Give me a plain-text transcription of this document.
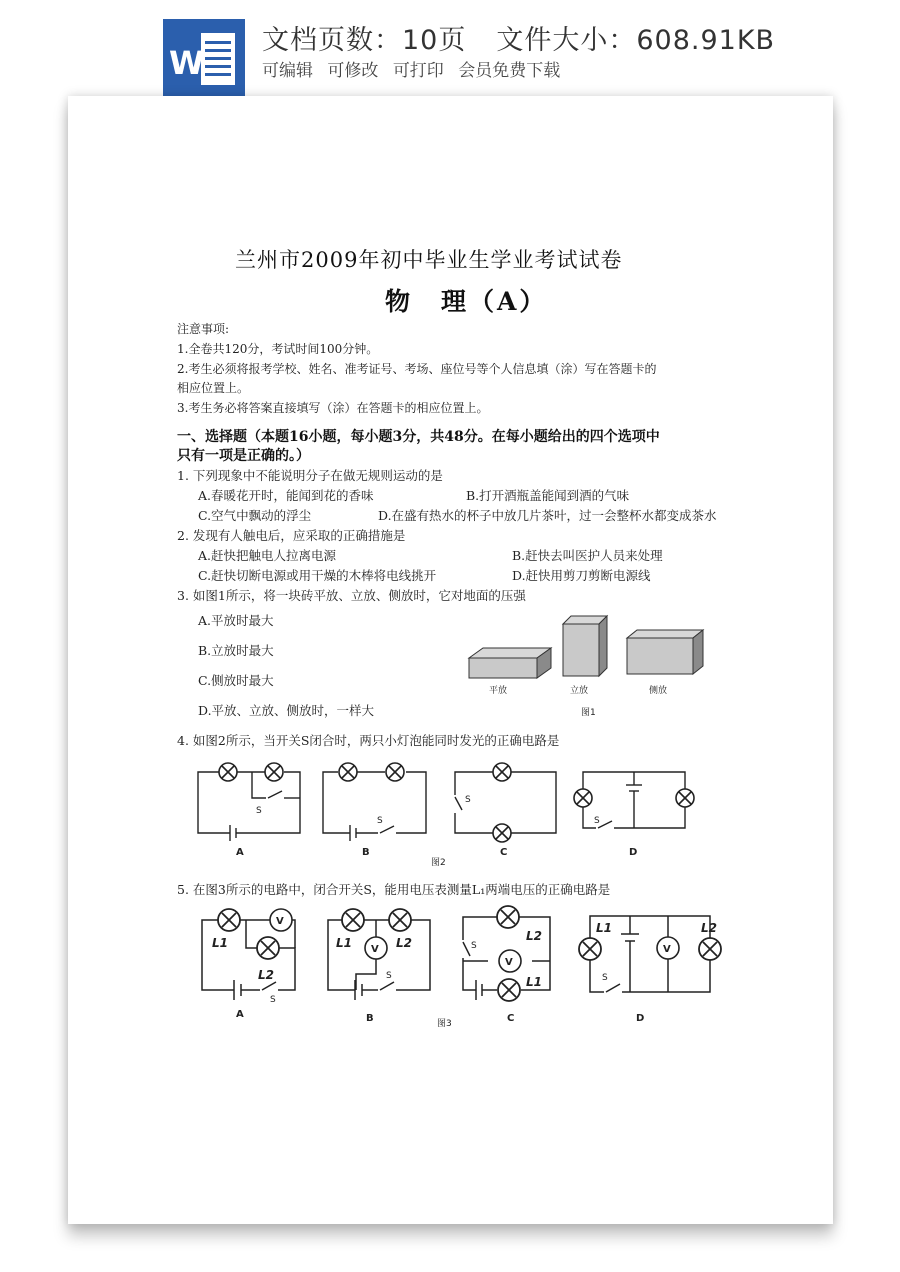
W
文档页数：10页 文件大小：608.91KB
可编辑 可修改 可打印 会员免费下载
兰州市2009年初中毕业生学业考试试卷
物　理（A）
注意事项:
1.全卷共120分，考试时间100分钟。
2.考生必须将报考学校、姓名、准考证号、考场、座位号等个人信息填（涂）写在答题卡的
相应位置上。
3.考生务必将答案直接填写（涂）在答题卡的相应位置上。
一、选择题（本题16小题，每小题3分，共48分。在每小题给出的四个选项中
只有一项是正确的。）
1. 下列现象中不能说明分子在做无规则运动的是
A.春暖花开时，能闻到花的香味	B.打开酒瓶盖能闻到酒的气味
C.空气中飘动的浮尘	D.在盛有热水的杯子中放几片茶叶，过一会整杯水都变成茶水
2. 发现有人触电后，应采取的正确措施是
A.赶快把触电人拉离电源	B.赶快去叫医护人员来处理
C.赶快切断电源或用干燥的木棒将电线挑开	D.赶快用剪刀剪断电源线
3. 如图1所示，将一块砖平放、立放、侧放时，它对地面的压强
A.平放时最大
B.立放时最大
C.侧放时最大
D.平放、立放、侧放时，一样大
平放	立放	侧放
图1
4. 如图2所示，当开关S闭合时，两只小灯泡能同时发光的正确电路是
S
S
S
S
A	B	C	D
图2
5. 在图3所示的电路中，闭合开关S，能用电压表测量L₁两端电压的正确电路是
V
V
V
V
L1
L2
L1	L2	L2
L1
L1	L2
S
S
S
S
A	B	C	D
图3
